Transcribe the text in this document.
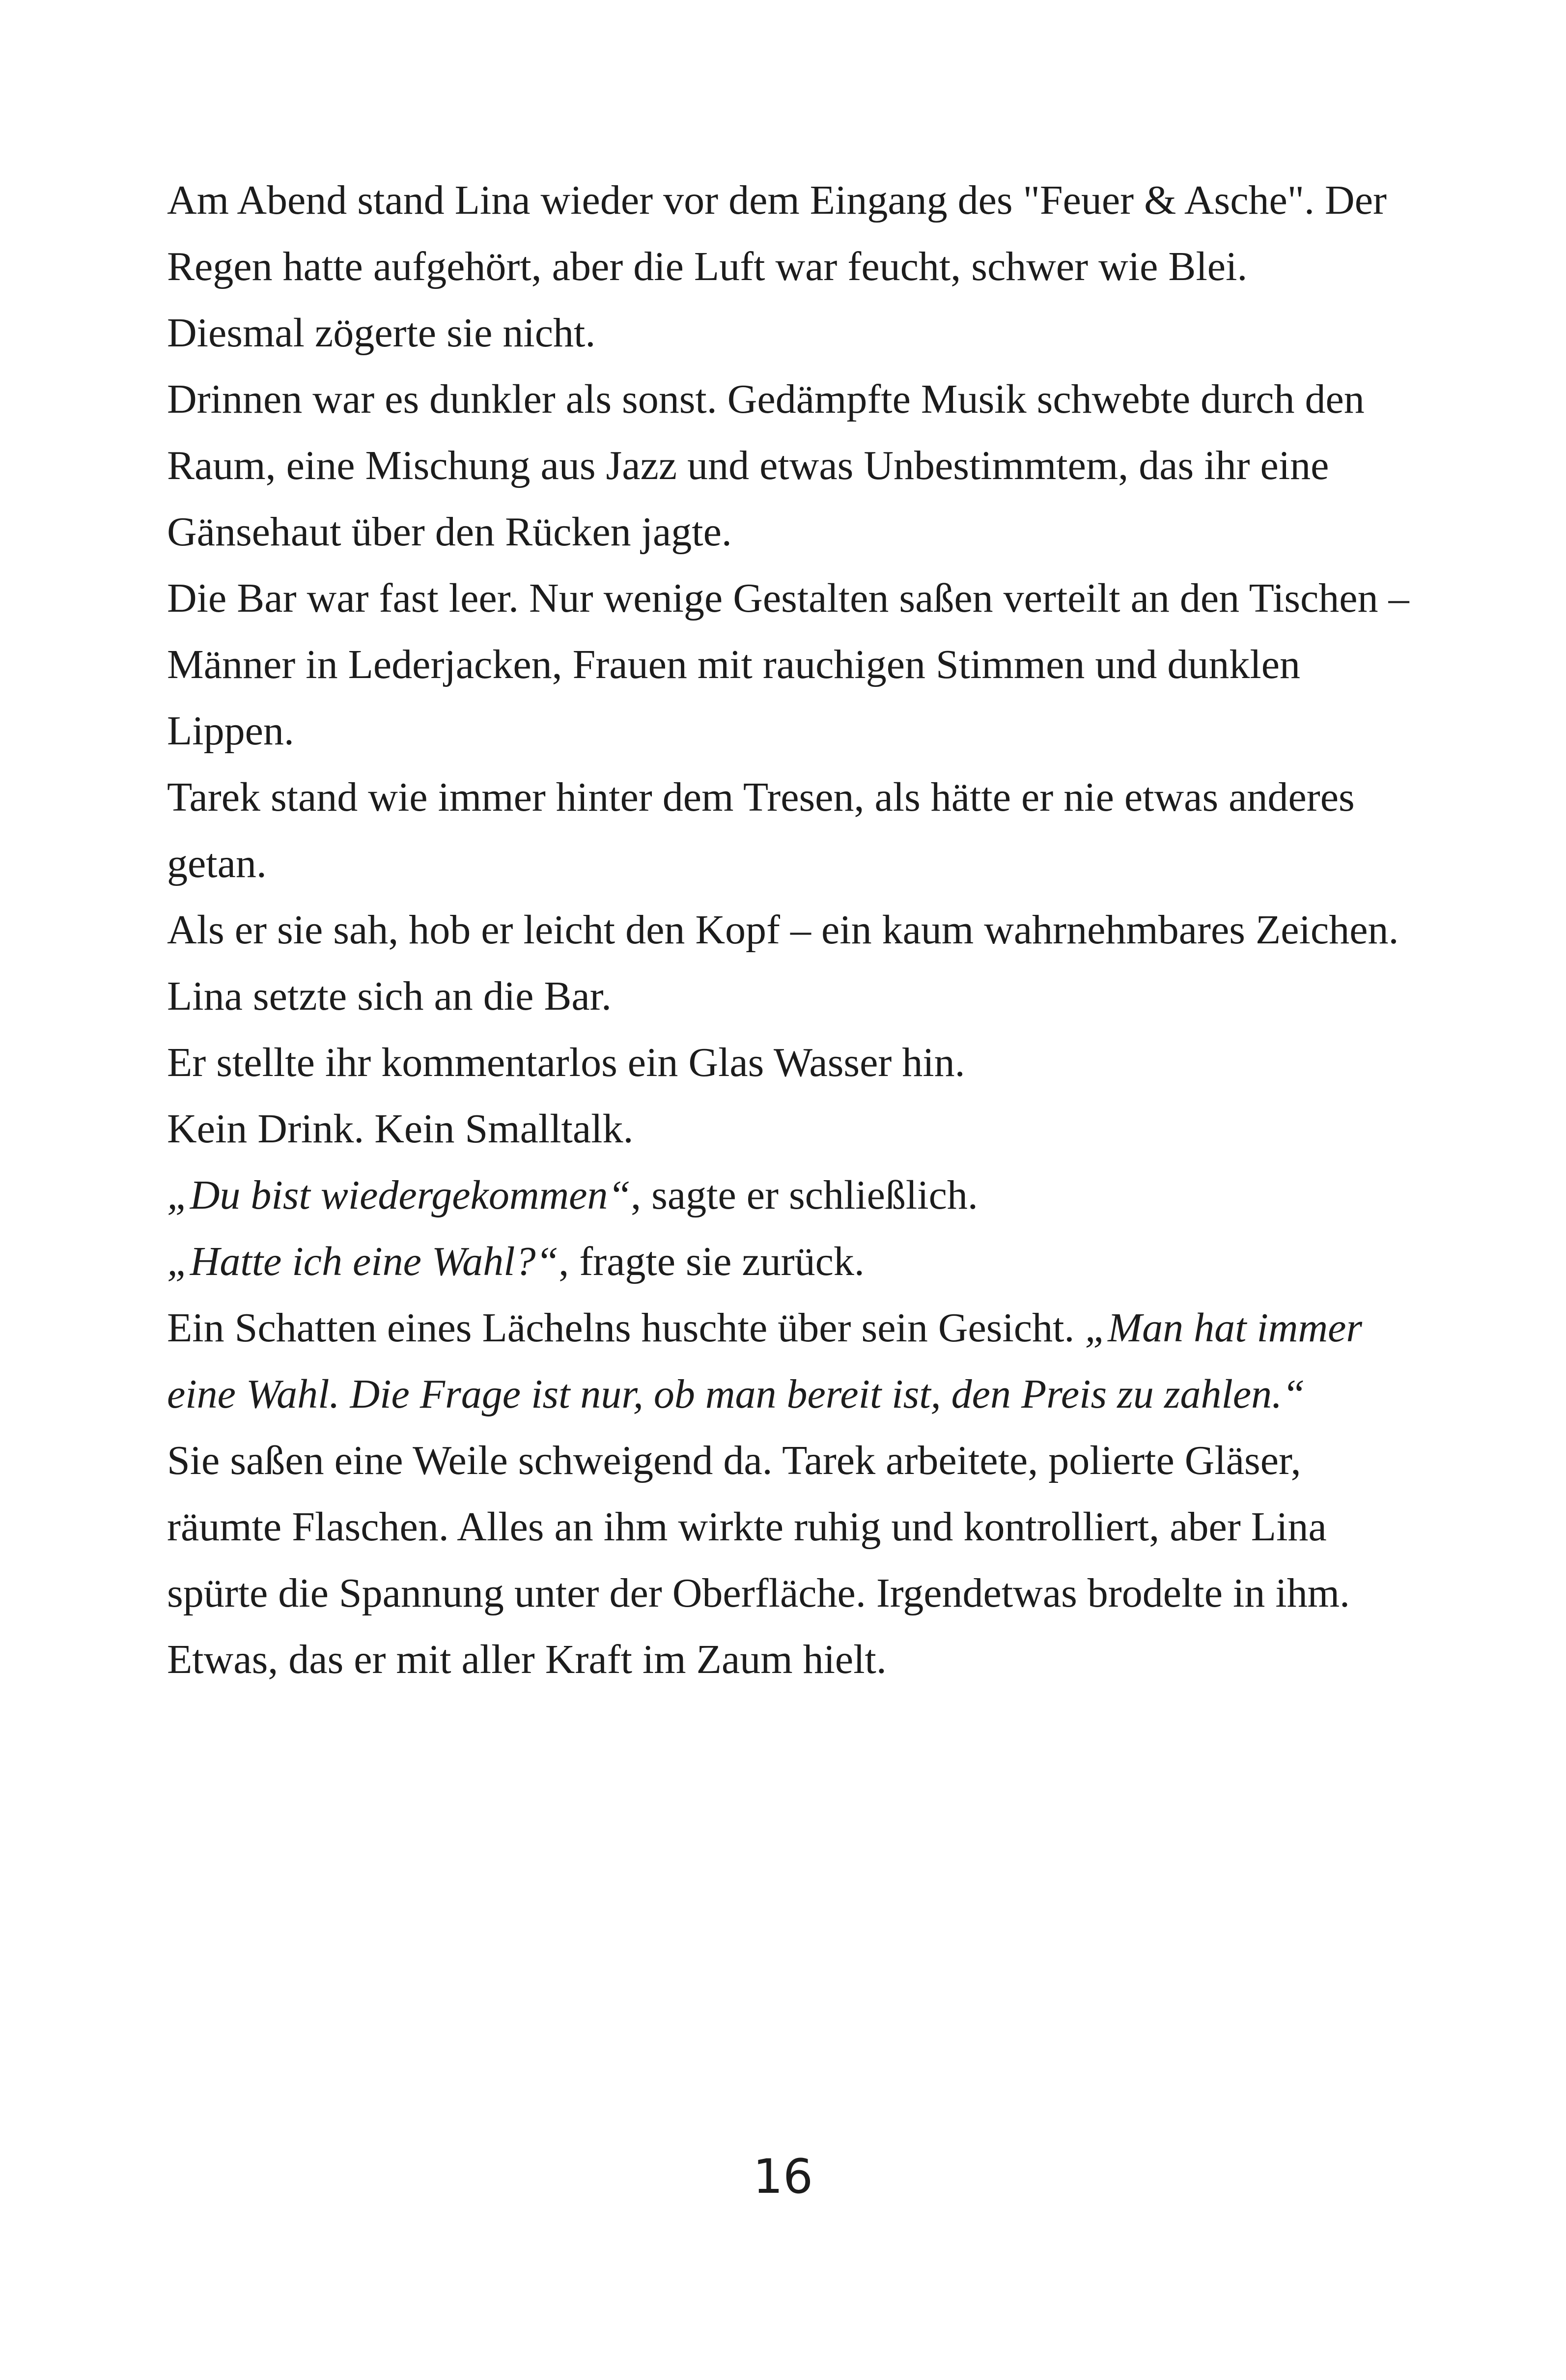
Am Abend stand Lina wieder vor dem Eingang des "Feuer & Asche". Der Regen hatte aufgehört, aber die Luft war feucht, schwer wie Blei.

Diesmal zögerte sie nicht.

Drinnen war es dunkler als sonst. Gedämpfte Musik schwebte durch den Raum, eine Mischung aus Jazz und etwas Unbestimmtem, das ihr eine Gänsehaut über den Rücken jagte.

Die Bar war fast leer. Nur wenige Gestalten saßen verteilt an den Tischen – Männer in Lederjacken, Frauen mit rauchigen Stimmen und dunklen Lippen.

Tarek stand wie immer hinter dem Tresen, als hätte er nie etwas anderes getan.

Als er sie sah, hob er leicht den Kopf – ein kaum wahrnehmbares Zeichen.

Lina setzte sich an die Bar.

Er stellte ihr kommentarlos ein Glas Wasser hin.

Kein Drink. Kein Smalltalk.

„Du bist wiedergekommen“, sagte er schließlich.

„Hatte ich eine Wahl?“, fragte sie zurück.

Ein Schatten eines Lächelns huschte über sein Gesicht. „Man hat immer eine Wahl. Die Frage ist nur, ob man bereit ist, den Preis zu zahlen.“

Sie saßen eine Weile schweigend da. Tarek arbeitete, polierte Gläser, räumte Flaschen. Alles an ihm wirkte ruhig und kontrolliert, aber Lina spürte die Spannung unter der Oberfläche. Irgendetwas brodelte in ihm. Etwas, das er mit aller Kraft im Zaum hielt.

16
